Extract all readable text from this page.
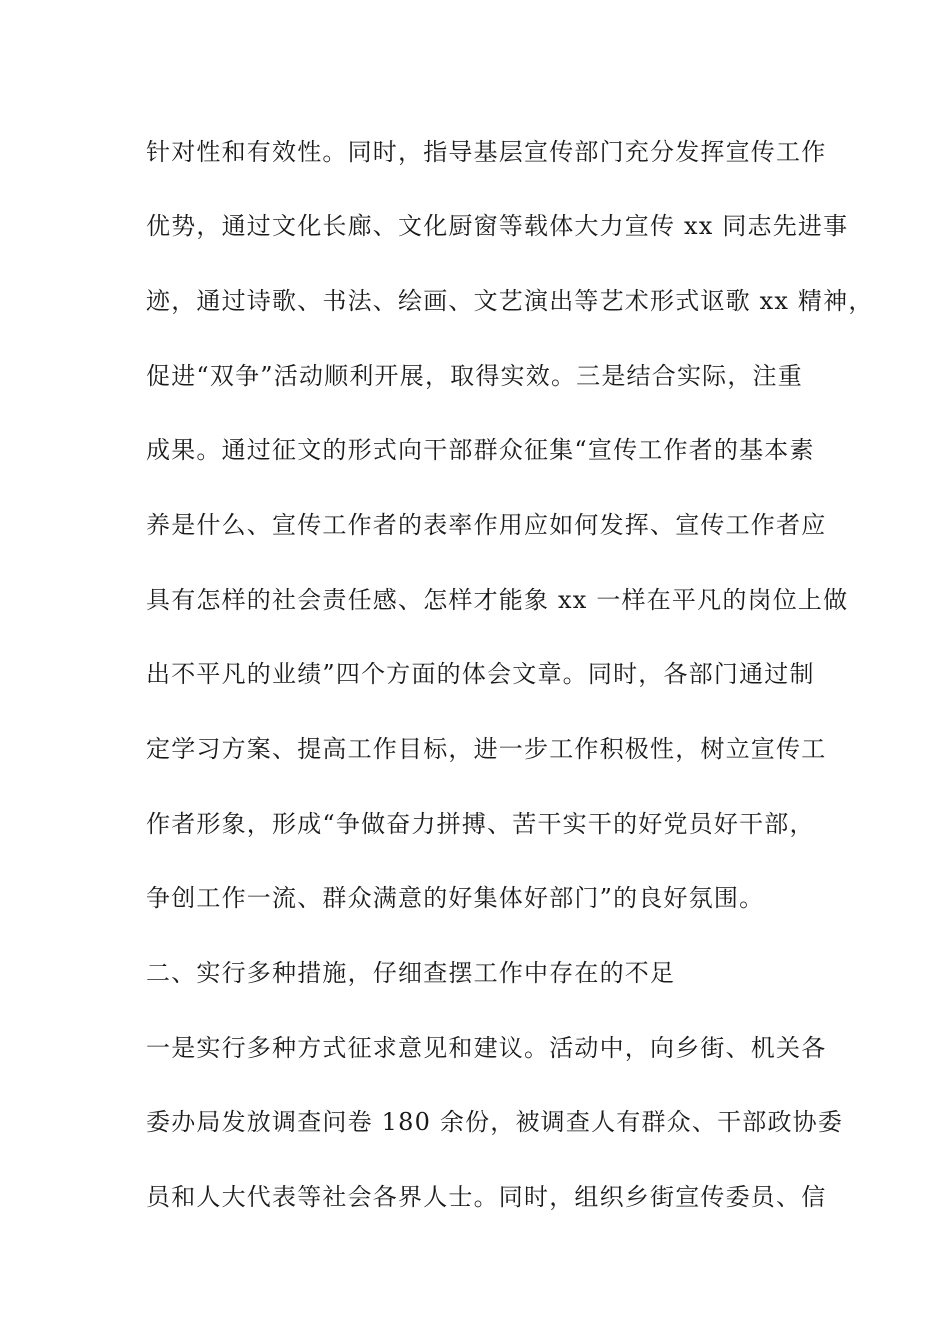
针对性和有效性。同时，指导基层宣传部门充分发挥宣传工作
优势，通过文化长廊、文化厨窗等载体大力宣传 xx 同志先进事
迹，通过诗歌、书法、绘画、文艺演出等艺术形式讴歌 xx 精神，
促进“双争”活动顺利开展，取得实效。三是结合实际，注重
成果。通过征文的形式向干部群众征集“宣传工作者的基本素
养是什么、宣传工作者的表率作用应如何发挥、宣传工作者应
具有怎样的社会责任感、怎样才能象 xx 一样在平凡的岗位上做
出不平凡的业绩”四个方面的体会文章。同时，各部门通过制
定学习方案、提高工作目标，进一步工作积极性，树立宣传工
作者形象，形成“争做奋力拼搏、苦干实干的好党员好干部，
争创工作一流、群众满意的好集体好部门”的良好氛围。
二、实行多种措施，仔细查摆工作中存在的不足
一是实行多种方式征求意见和建议。活动中，向乡街、机关各
委办局发放调查问卷 180 余份，被调查人有群众、干部政协委
员和人大代表等社会各界人士。同时，组织乡街宣传委员、信
